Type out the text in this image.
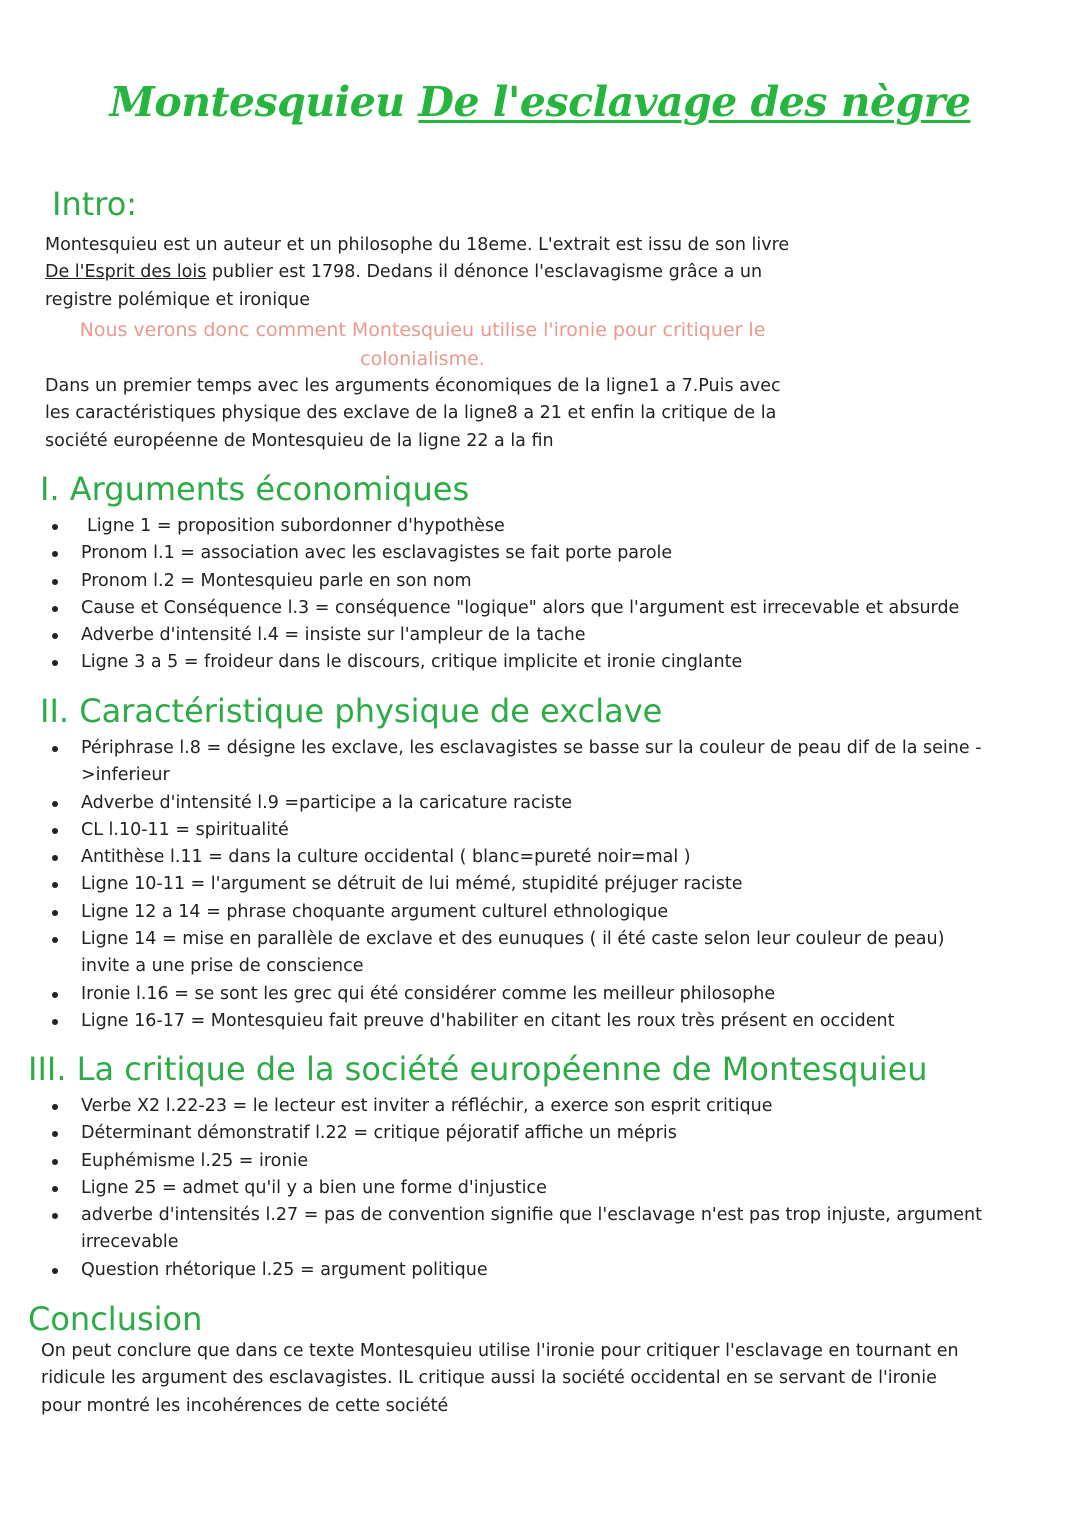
Montesquieu De l'esclavage des nègre
Intro:
Montesquieu est un auteur et un philosophe du 18eme. L'extrait est issu de son livre De l'Esprit des lois publier est 1798. Dedans il dénonce l'esclavagisme grâce a un registre polémique et ironique
Nous verons donc comment Montesquieu utilise l'ironie pour critiquer le colonialisme.
Dans un premier temps avec les arguments économiques de la ligne1 a 7.Puis avec les caractéristiques physique des exclave de la ligne8 a 21 et enfin la critique de la société européenne de Montesquieu de la ligne 22 a la fin
I. Arguments économiques
Ligne 1 = proposition subordonner d'hypothèse
Pronom l.1 = association avec les esclavagistes se fait porte parole
Pronom l.2 = Montesquieu parle en son nom
Cause et Conséquence l.3 = conséquence "logique" alors que l'argument est irrecevable et absurde
Adverbe d'intensité l.4 = insiste sur l'ampleur de la tache
Ligne 3 a 5 = froideur dans le discours, critique implicite et ironie cinglante
II. Caractéristique physique de exclave
Périphrase l.8 = désigne les exclave, les esclavagistes se basse sur la couleur de peau dif de la seine ->inferieur
Adverbe d'intensité l.9 =participe a la caricature raciste
CL l.10-11 = spiritualité
Antithèse l.11 = dans la culture occidental ( blanc=pureté noir=mal )
Ligne 10-11 = l'argument se détruit de lui mémé, stupidité préjuger raciste
Ligne 12 a 14 = phrase choquante argument culturel ethnologique
Ligne 14 = mise en parallèle de exclave et des eunuques ( il été caste selon leur couleur de peau) invite a une prise de conscience
Ironie l.16 = se sont les grec qui été considérer comme les meilleur philosophe
Ligne 16-17 = Montesquieu fait preuve d'habiliter en citant les roux très présent en occident
III. La critique de la société européenne de Montesquieu
Verbe X2 l.22-23 = le lecteur est inviter a réfléchir, a exerce son esprit critique
Déterminant démonstratif l.22 = critique péjoratif affiche un mépris
Euphémisme l.25 = ironie
Ligne 25 = admet qu'il y a bien une forme d'injustice
adverbe d'intensités l.27 = pas de convention signifie que l'esclavage n'est pas trop injuste, argument irrecevable
Question rhétorique l.25 = argument politique
Conclusion
On peut conclure que dans ce texte Montesquieu utilise l'ironie pour critiquer l'esclavage en tournant en ridicule les argument des esclavagistes. IL critique aussi la société occidental en se servant de l'ironie pour montré les incohérences de cette société
